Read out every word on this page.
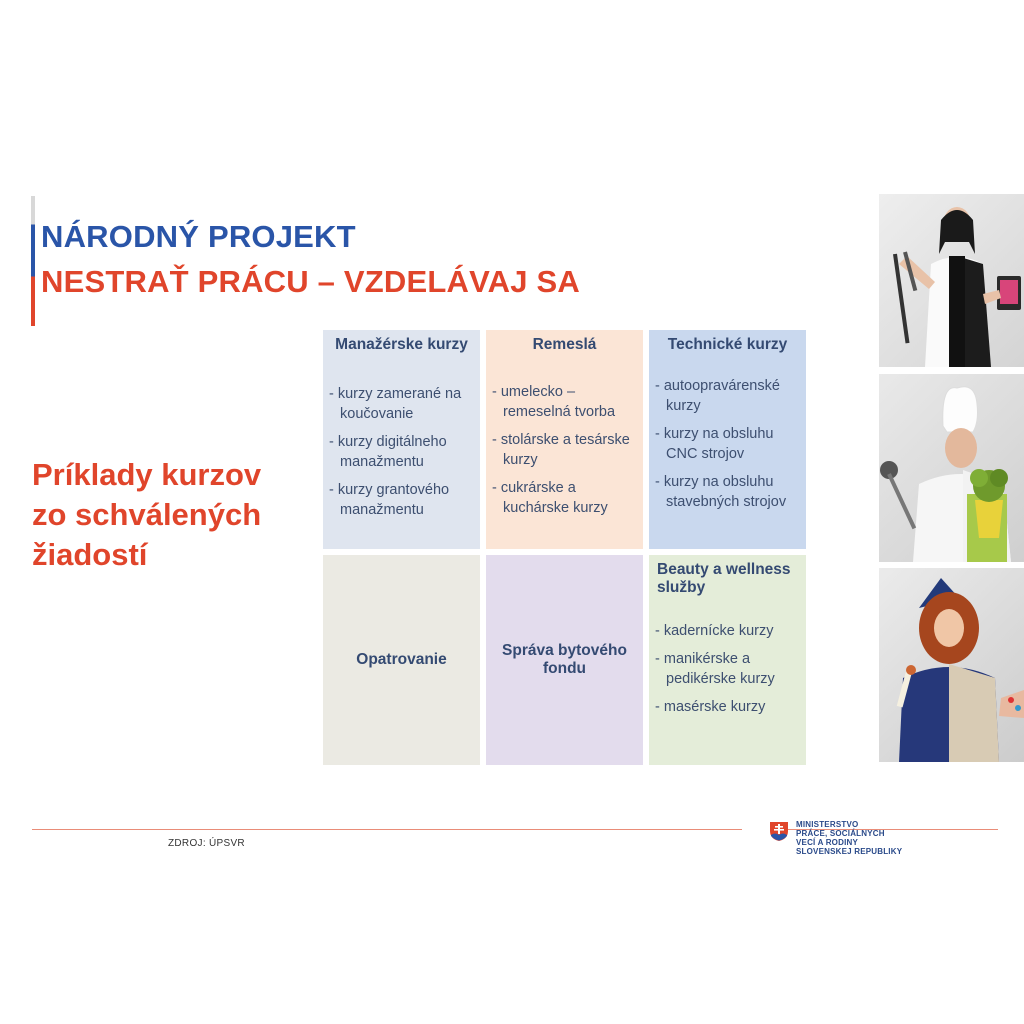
NÁRODNÝ PROJEKT
NESTRAŤ PRÁCU – VZDELÁVAJ SA
Príklady kurzov zo schválených žiadostí
Manažérske kurzy
- kurzy zamerané na koučovanie
- kurzy digitálneho manažmentu
- kurzy grantového manažmentu
Remeslá
- umelecko – remeselná tvorba
- stolárske a tesárske kurzy
- cukrárske a kuchárske kurzy
Technické kurzy
- autoopravárenské kurzy
- kurzy na obsluhu CNC strojov
- kurzy na obsluhu stavebných strojov
Opatrovanie
Správa bytového fondu
Beauty a wellness služby
- kadernícke kurzy
- manikérske a pedikérske kurzy
- masérske kurzy
ZDROJ: ÚPSVR
MINISTERSTVO
PRÁCE, SOCIÁLNYCH
VECÍ A RODINY
SLOVENSKEJ REPUBLIKY
